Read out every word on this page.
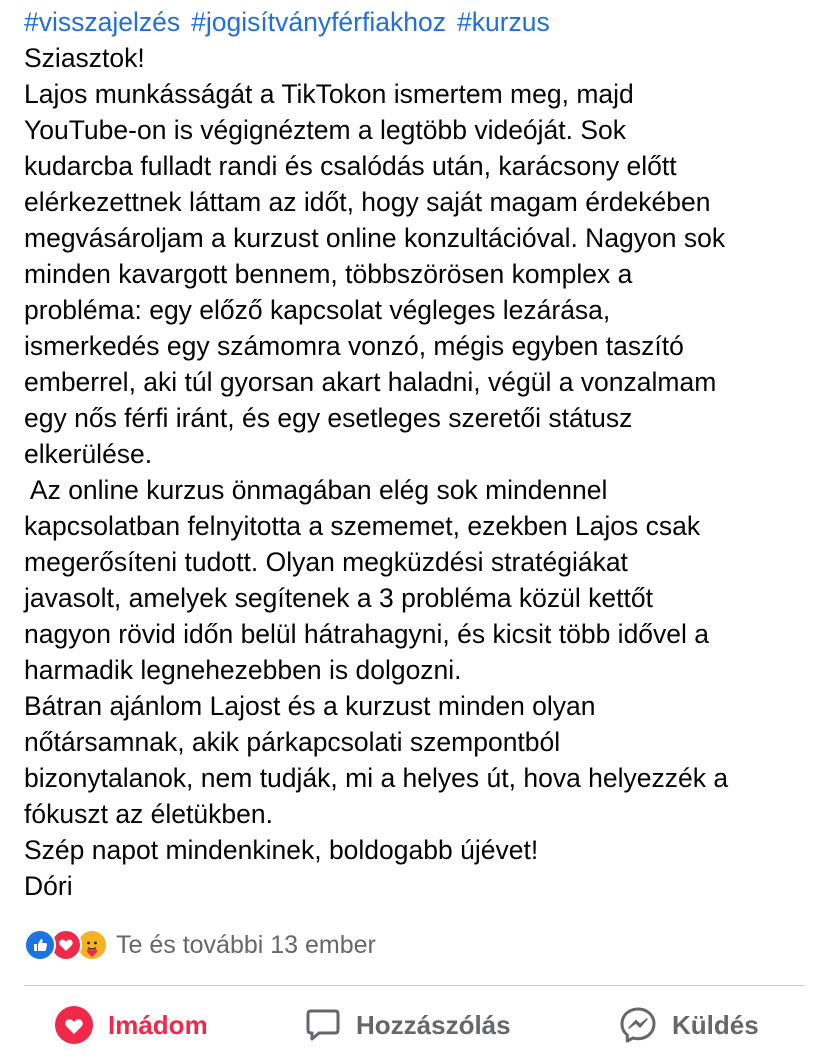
#visszajelzés #jogisítványférfiakhoz #kurzus
Sziasztok!
Lajos munkásságát a TikTokon ismertem meg, majd
YouTube-on is végignéztem a legtöbb videóját. Sok
kudarcba fulladt randi és csalódás után, karácsony előtt
elérkezettnek láttam az időt, hogy saját magam érdekében
megvásároljam a kurzust online konzultációval. Nagyon sok
minden kavargott bennem, többszörösen komplex a
probléma: egy előző kapcsolat végleges lezárása,
ismerkedés egy számomra vonzó, mégis egyben taszító
emberrel, aki túl gyorsan akart haladni, végül a vonzalmam
egy nős férfi iránt, és egy esetleges szeretői státusz
elkerülése.
Az online kurzus önmagában elég sok mindennel
kapcsolatban felnyitotta a szememet, ezekben Lajos csak
megerősíteni tudott. Olyan megküzdési stratégiákat
javasolt, amelyek segítenek a 3 probléma közül kettőt
nagyon rövid időn belül hátrahagyni, és kicsit több idővel a
harmadik legnehezebben is dolgozni.
Bátran ajánlom Lajost és a kurzust minden olyan
nőtársamnak, akik párkapcsolati szempontból
bizonytalanok, nem tudják, mi a helyes út, hova helyezzék a
fókuszt az életükben.
Szép napot mindenkinek, boldogabb újévet!
Dóri
Te és további 13 ember
Imádom	Hozzászólás	Küldés
